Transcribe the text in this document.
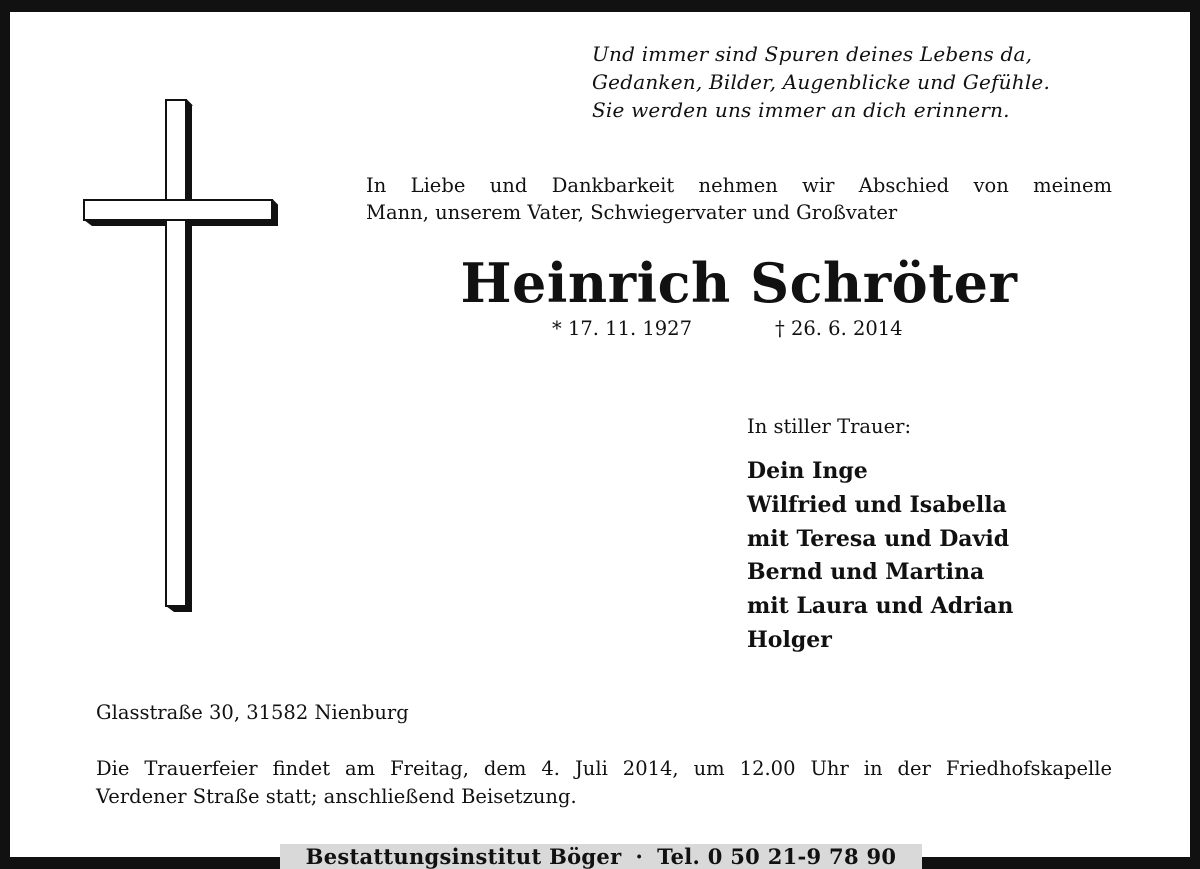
Und immer sind Spuren deines Lebens da,
Gedanken, Bilder, Augenblicke und Gefühle.
Sie werden uns immer an dich erinnern.
In Liebe und Dankbarkeit nehmen wir Abschied von meinem
Mann, unserem Vater, Schwiegervater und Großvater
Heinrich Schröter
* 17. 11. 1927	† 26. 6. 2014
In stiller Trauer:
Dein Inge
Wilfried und Isabella
mit Teresa und David
Bernd und Martina
mit Laura und Adrian
Holger
Glasstraße 30, 31582 Nienburg
Die Trauerfeier findet am Freitag, dem 4. Juli 2014, um 12.00 Uhr in der Friedhofskapelle
Verdener Straße statt; anschließend Beisetzung.
Bestattungsinstitut Böger · Tel. 0 50 21-9 78 90
